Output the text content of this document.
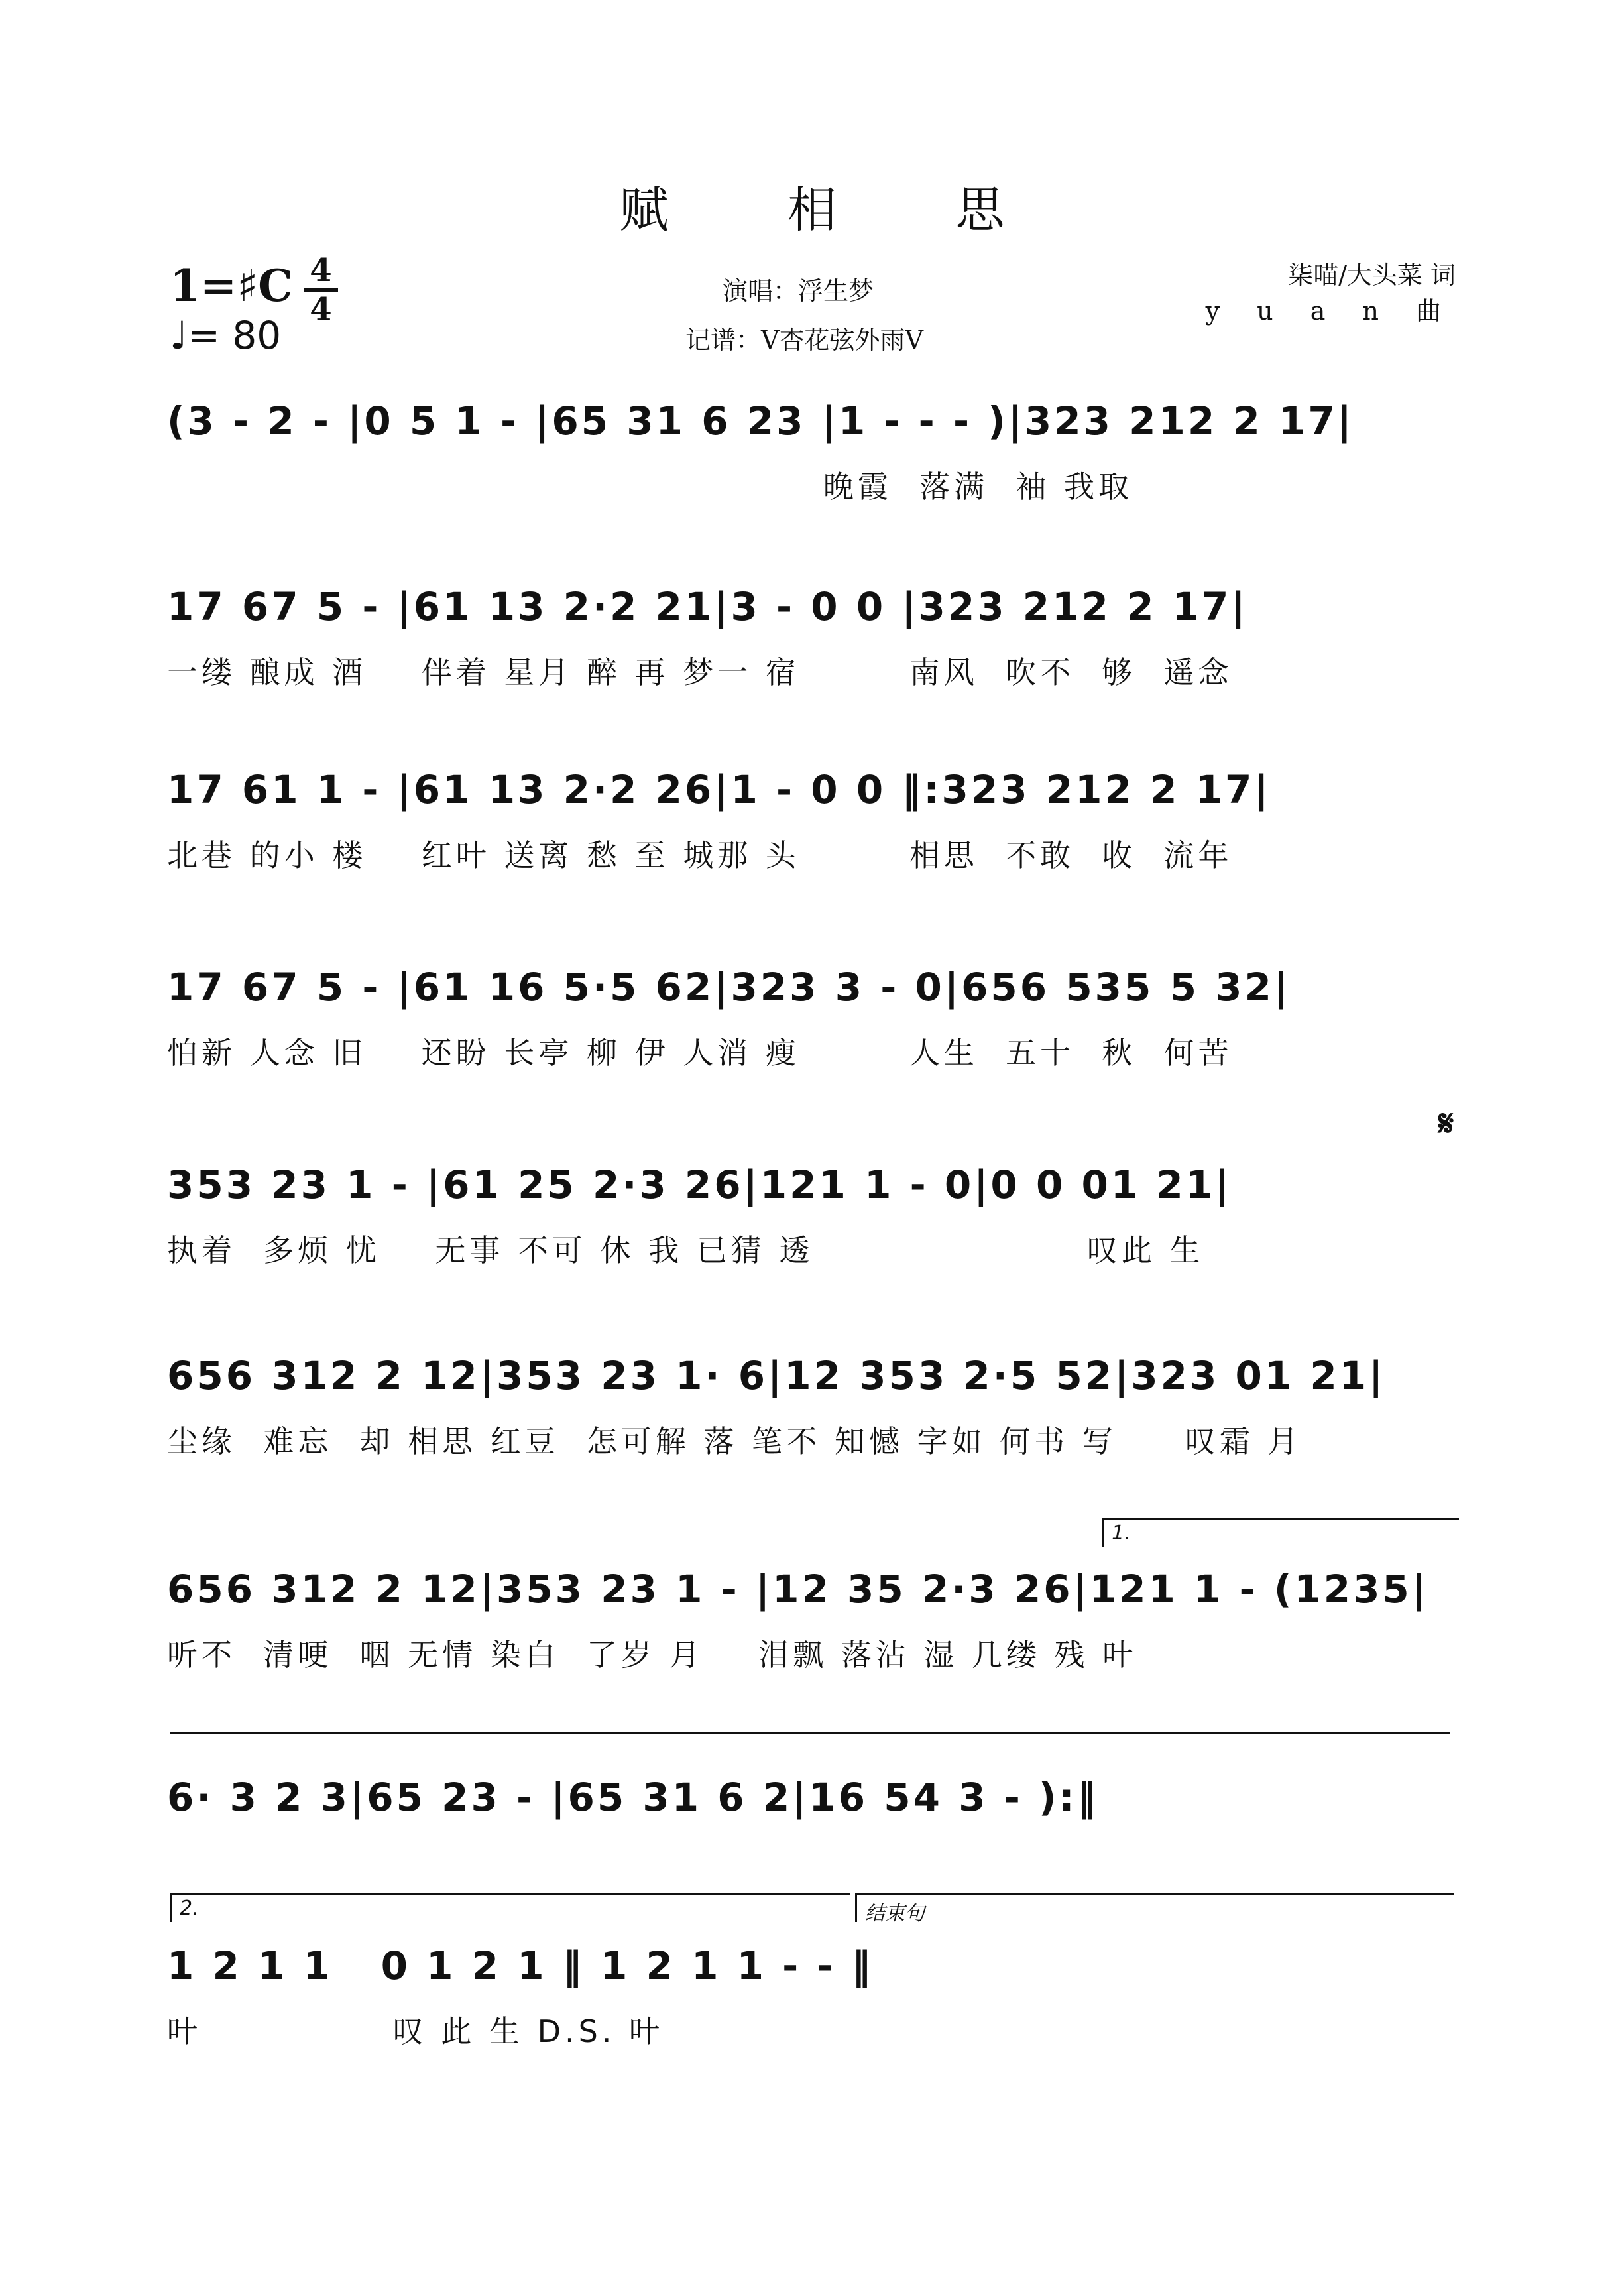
赋 相 思
1=♯C 4
4
♩= 80
演唱：浮生梦
记谱：V杏花弦外雨V
柒喵/大头菜 词
y u a n 曲
(3 - 2 - |0 5 1 - |65 31 6 23 |1 - - - )|323 212 2 17|
晚霞  落满  袖 我取
17 67 5 - |61 13 2·2 21|3 - 0 0 |323 212 2 17|
一缕 酿成 酒    伴着 星月 醉 再 梦一 宿        南风  吹不  够  遥念
17 61 1 - |61 13 2·2 26|1 - 0 0 ‖:323 212 2 17|
北巷 的小 楼    红叶 送离 愁 至 城那 头        相思  不敢  收  流年
17 67 5 - |61 16 5·5 62|323 3 - 0|656 535 5 32|
怕新 人念 旧    还盼 长亭 柳 伊 人消 瘦        人生  五十  秋  何苦
𝄋
353 23 1 - |61 25 2·3 26|121 1 - 0|0 0 01 21|
执着  多烦 忧    无事 不可 休 我 已猜 透                    叹此 生
656 312 2 12|353 23 1· 6|12 353 2·5 52|323 01 21|
尘缘  难忘  却 相思 红豆  怎可解 落 笔不 知憾 字如 何书 写     叹霜 月
1.
656 312 2 12|353 23 1 - |12 35 2·3 26|121 1 - (1235|
听不  清哽  咽 无情 染白  了岁 月    泪飘 落沾 湿 几缕 残 叶
6· 3 2 3|65 23 - |65 31 6 2|16 54 3 - ):‖
2.	结束句
1 2 1 1   0 1 2 1 ‖ 1 2 1 1 - - ‖
叶              叹 此 生 D.S. 叶
